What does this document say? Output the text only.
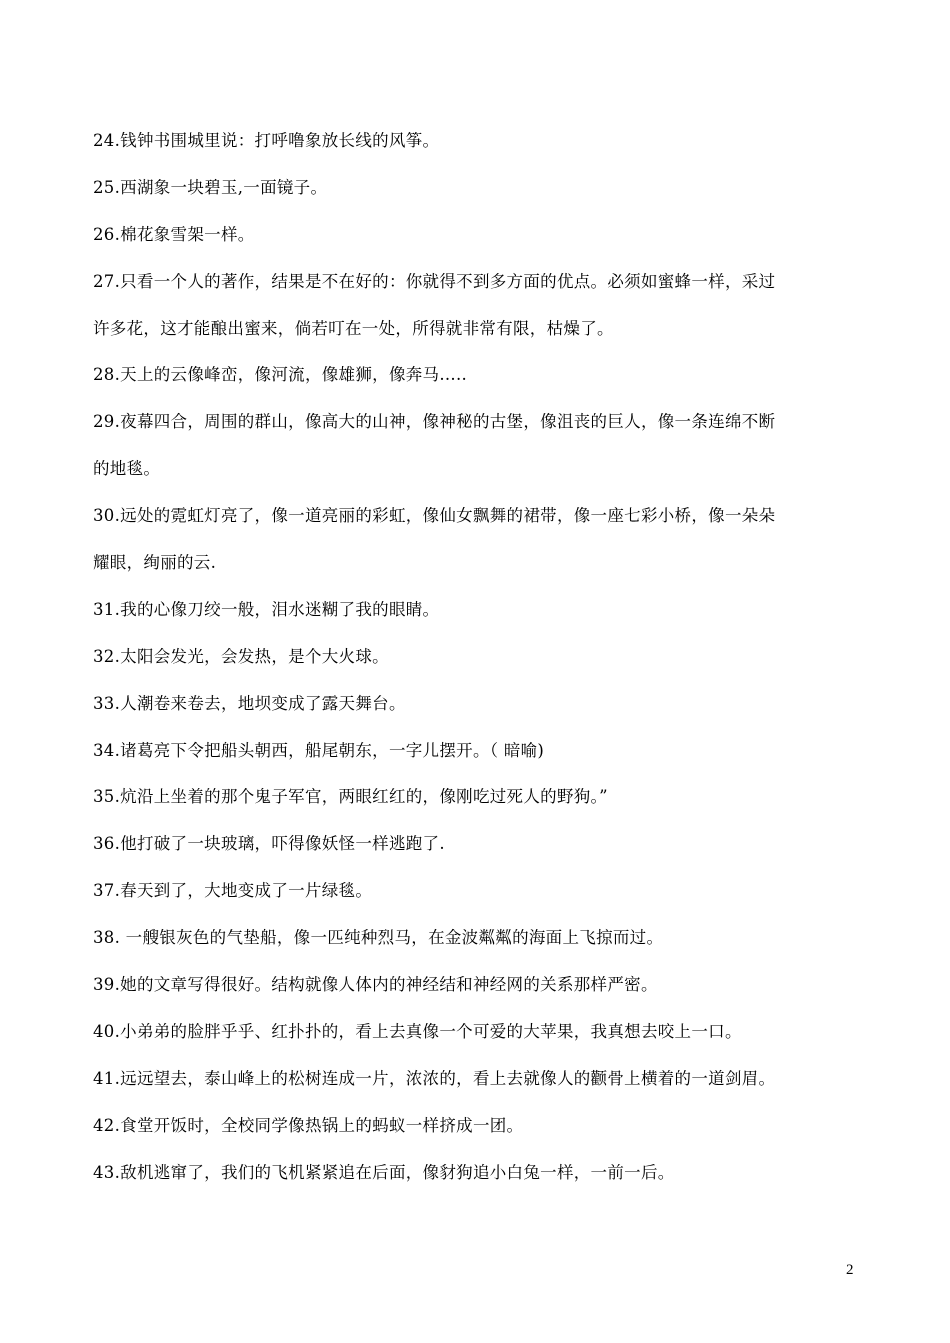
24.钱钟书围城里说：打呼噜象放长线的风筝。
25.西湖象一块碧玉,一面镜子。
26.棉花象雪架一样。
27.只看一个人的著作，结果是不在好的：你就得不到多方面的优点。必须如蜜蜂一样，采过
许多花，这才能酿出蜜来，倘若叮在一处，所得就非常有限，枯燥了。
28.天上的云像峰峦，像河流，像雄狮，像奔马.....
29.夜幕四合，周围的群山，像高大的山神，像神秘的古堡，像沮丧的巨人，像一条连绵不断
的地毯。
30.远处的霓虹灯亮了，像一道亮丽的彩虹，像仙女飘舞的裙带，像一座七彩小桥，像一朵朵
耀眼，绚丽的云.
31.我的心像刀绞一般，泪水迷糊了我的眼睛。
32.太阳会发光，会发热，是个大火球。
33.人潮卷来卷去，地坝变成了露天舞台。
34.诸葛亮下令把船头朝西，船尾朝东，一字儿摆开。（ 暗喻)
35.炕沿上坐着的那个鬼子军官，两眼红红的，像刚吃过死人的野狗。”
36.他打破了一块玻璃，吓得像妖怪一样逃跑了.
37.春天到了，大地变成了一片绿毯。
38. 一艘银灰色的气垫船，像一匹纯种烈马，在金波粼粼的海面上飞掠而过。
39.她的文章写得很好。结构就像人体内的神经结和神经网的关系那样严密。
40.小弟弟的脸胖乎乎、红扑扑的，看上去真像一个可爱的大苹果，我真想去咬上一口。
41.远远望去，泰山峰上的松树连成一片，浓浓的，看上去就像人的颧骨上横着的一道剑眉。
42.食堂开饭时，全校同学像热锅上的蚂蚁一样挤成一团。
43.敌机逃窜了，我们的飞机紧紧追在后面，像豺狗追小白兔一样，一前一后。
2
